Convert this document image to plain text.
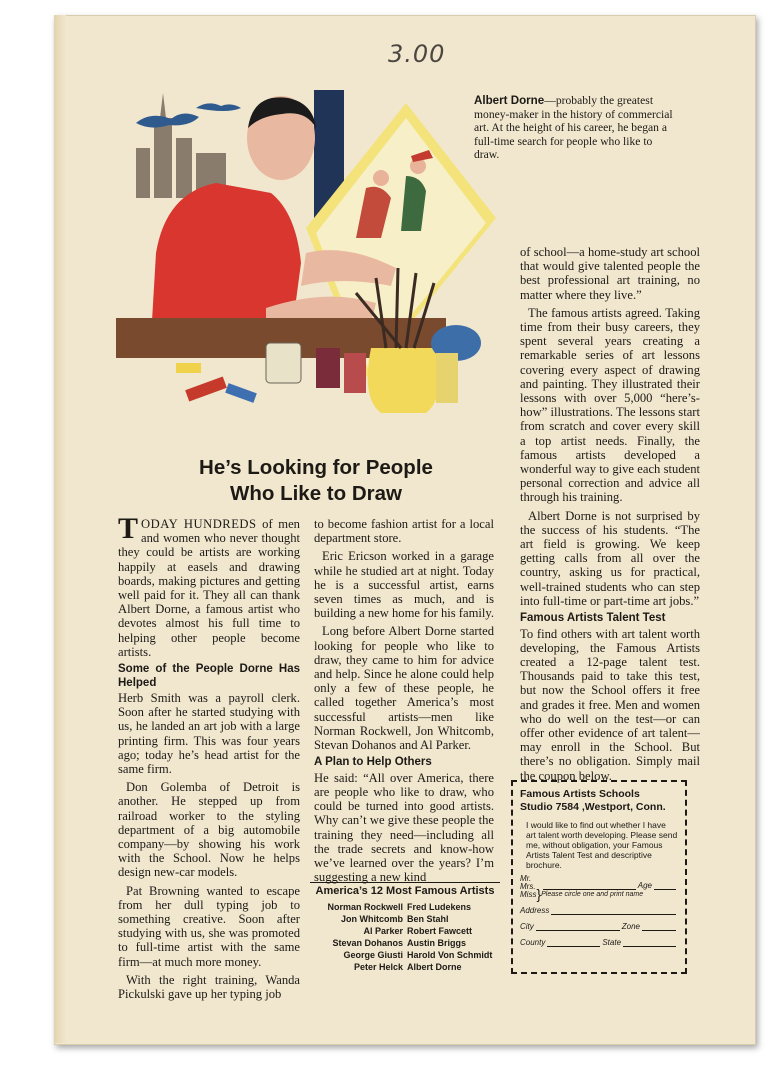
3.00
Albert Dorne—probably the greatest money-maker in the history of commercial art. At the height of his career, he began a full-time search for people who like to draw.
He’s Looking for People
Who Like to Draw

TODAY HUNDREDS of men and women who never thought they could be artists are working happily at easels and drawing boards, making pictures and getting well paid for it. They all can thank Albert Dorne, a famous artist who devotes almost his full time to helping other people become artists.

Some of the People Dorne Has Helped

Herb Smith was a payroll clerk. Soon after he started studying with us, he landed an art job with a large printing firm. This was four years ago; today he’s head artist for the same firm.

Don Golemba of Detroit is another. He stepped up from railroad worker to the styling department of a big automobile company—by showing his work with the School. Now he helps design new-car models.

Pat Browning wanted to escape from her dull typing job to something creative. Soon after studying with us, she was promoted to full-time artist with the same firm—at much more money.

With the right training, Wanda Pickulski gave up her typing job

to become fashion artist for a local department store.

Eric Ericson worked in a garage while he studied art at night. Today he is a successful artist, earns seven times as much, and is building a new home for his family.

Long before Albert Dorne started looking for people who like to draw, they came to him for advice and help. Since he alone could help only a few of these people, he called together America’s most successful artists—men like Norman Rockwell, Jon Whitcomb, Stevan Dohanos and Al Parker.

A Plan to Help Others

He said: “All over America, there are people who like to draw, who could be turned into good artists. Why can’t we give these people the training they need—including all the trade secrets and know-how we’ve learned over the years? I’m suggesting a new kind

America’s 12 Most Famous Artists
Norman Rockwell	Fred Ludekens
Jon Whitcomb	Ben Stahl
Al Parker	Robert Fawcett
Stevan Dohanos	Austin Briggs
George Giusti	Harold Von Schmidt
Peter Helck	Albert Dorne

of school—a home-study art school that would give talented people the best professional art training, no matter where they live.”

The famous artists agreed. Taking time from their busy careers, they spent several years creating a remarkable series of art lessons covering every aspect of drawing and painting. They illustrated their lessons with over 5,000 “here’s-how” illustrations. The lessons start from scratch and cover every skill a top artist needs. Finally, the famous artists developed a wonderful way to give each student personal correction and advice all through his training.

Albert Dorne is not surprised by the success of his students. “The art field is growing. We keep getting calls from all over the country, asking us for practical, well-trained students who can step into full-time or part-time art jobs.”

Famous Artists Talent Test

To find others with art talent worth developing, the Famous Artists created a 12-page talent test. Thousands paid to take this test, but now the School offers it free and grades it free. Men and women who do well on the test—or can offer other evidence of art talent—may enroll in the School. But there’s no obligation. Simply mail the coupon below.

Famous Artists Schools
Studio 7584 ,Westport, Conn.
I would like to find out whether I have art talent worth developing. Please send me, without obligation, your Famous Artists Talent Test and descriptive brochure.
Mr.
Mrs.
Miss }
Age
Please circle one and print name
Address
City	Zone
County	State
